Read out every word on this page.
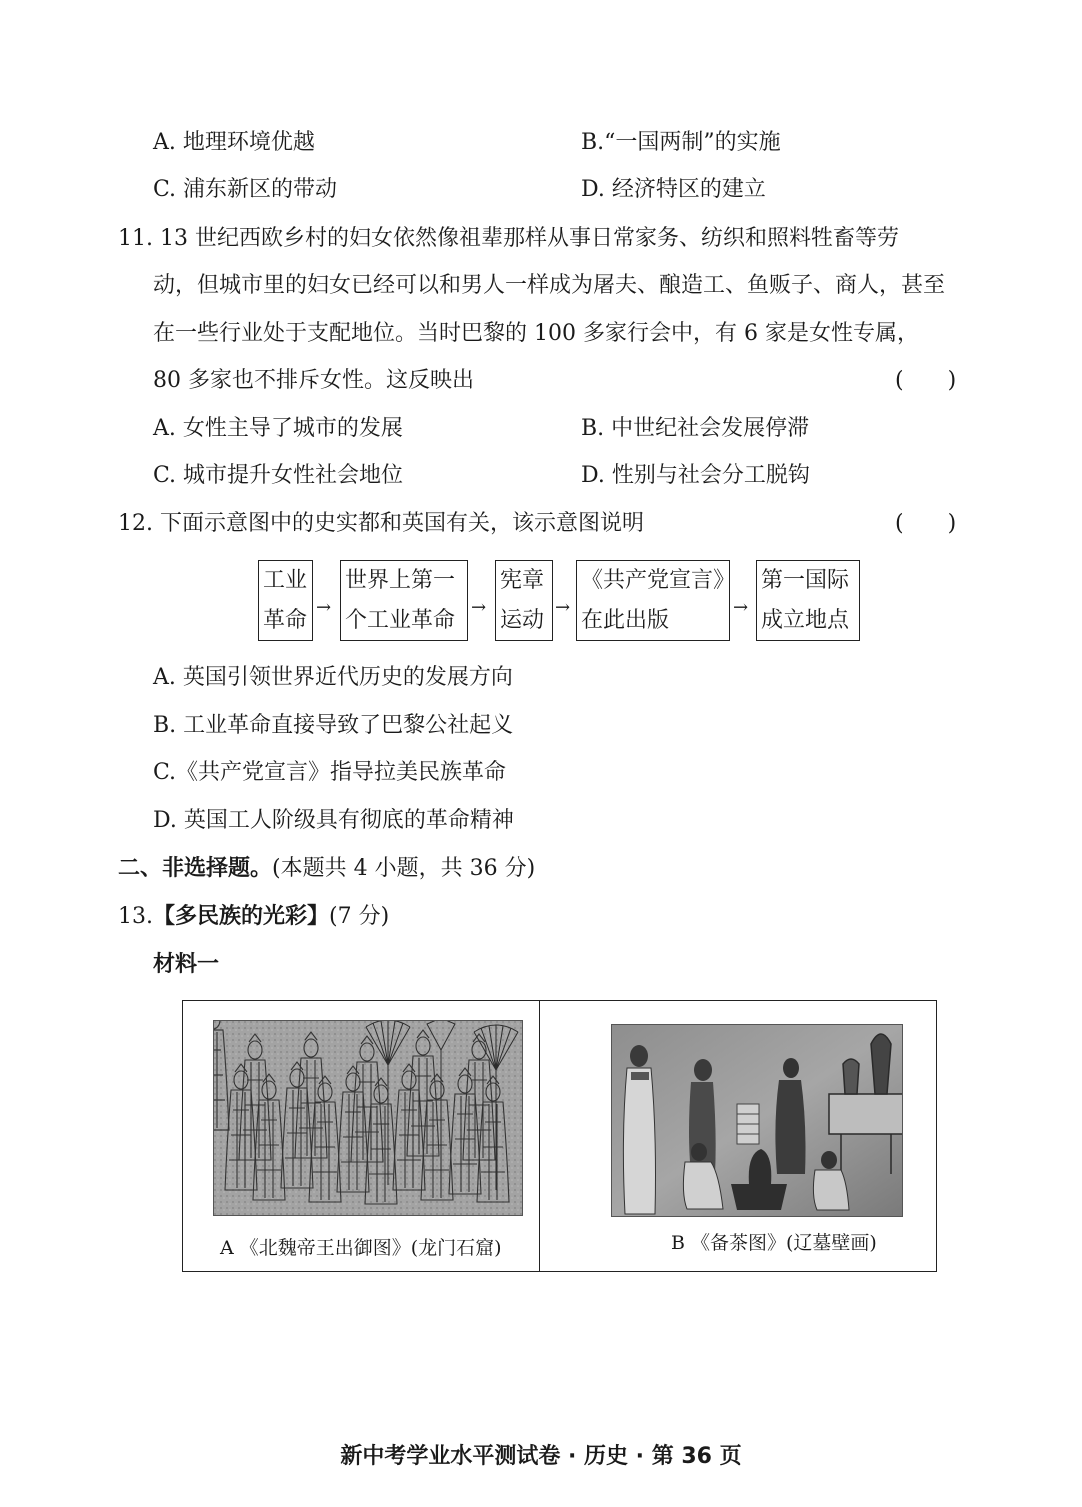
A. 地理环境优越	B.“一国两制”的实施
C. 浦东新区的带动	D. 经济特区的建立
11. 13 世纪西欧乡村的妇女依然像祖辈那样从事日常家务、纺织和照料牲畜等劳
动，但城市里的妇女已经可以和男人一样成为屠夫、酿造工、鱼贩子、商人，甚至
在一些行业处于支配地位。当时巴黎的 100 多家行会中，有 6 家是女性专属，
80 多家也不排斥女性。这反映出	(　　)
A. 女性主导了城市的发展	B. 中世纪社会发展停滞
C. 城市提升女性社会地位	D. 性别与社会分工脱钩
12. 下面示意图中的史实都和英国有关，该示意图说明	(　　)
工业
革命
→
世界上第一
个工业革命
→
宪章
运动
→
《共产党宣言》
在此出版
→
第一国际
成立地点
A. 英国引领世界近代历史的发展方向
B. 工业革命直接导致了巴黎公社起义
C.《共产党宣言》指导拉美民族革命
D. 英国工人阶级具有彻底的革命精神
二、非选择题。(本题共 4 小题，共 36 分)
13.【多民族的光彩】(7 分)
材料一
A 《北魏帝王出御图》(龙门石窟)	B 《备茶图》(辽墓壁画)
新中考学业水平测试卷 · 历史 · 第 36 页
